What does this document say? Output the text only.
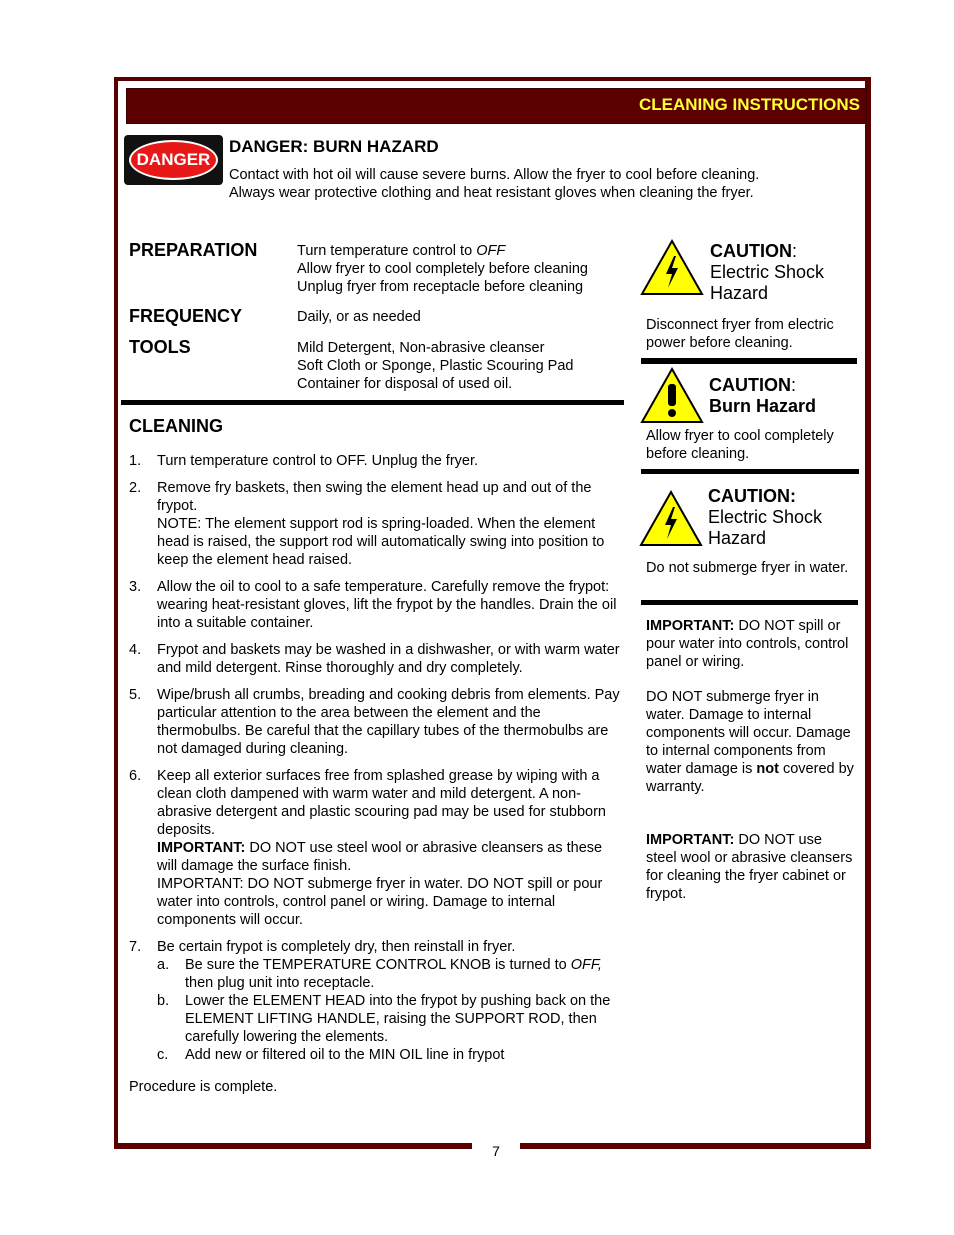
CLEANING INSTRUCTIONS
DANGER
DANGER: BURN HAZARD
Contact with hot oil will cause severe burns. Allow the fryer to cool before cleaning.
Always wear protective clothing and heat resistant gloves when cleaning the fryer.
PREPARATION	Turn temperature control to OFF
Allow fryer to cool completely before cleaning
Unplug fryer from receptacle before cleaning
FREQUENCY	Daily, or as needed
TOOLS	Mild Detergent, Non-abrasive cleanser
Soft Cloth or Sponge, Plastic Scouring Pad
Container for disposal of used oil.
CLEANING
1. Turn temperature control to OFF. Unplug the fryer.
2. Remove fry baskets, then swing the element head up and out of the frypot.
NOTE: The element support rod is spring-loaded. When the element head is raised, the support rod will automatically swing into position to keep the element head raised.
3. Allow the oil to cool to a safe temperature. Carefully remove the frypot: wearing heat-resistant gloves, lift the frypot by the handles. Drain the oil into a suitable container.
4. Frypot and baskets may be washed in a dishwasher, or with warm water and mild detergent. Rinse thoroughly and dry completely.
5. Wipe/brush all crumbs, breading and cooking debris from elements. Pay particular attention to the area between the element and the thermobulbs. Be careful that the capillary tubes of the thermobulbs are not damaged during cleaning.
6. Keep all exterior surfaces free from splashed grease by wiping with a clean cloth dampened with warm water and mild detergent. A non-abrasive detergent and plastic scouring pad may be used for stubborn deposits.
IMPORTANT: DO NOT use steel wool or abrasive cleansers as these will damage the surface finish.
IMPORTANT: DO NOT submerge fryer in water. DO NOT spill or pour water into controls, control panel or wiring. Damage to internal components will occur.
7. Be certain frypot is completely dry, then reinstall in fryer.
a. Be sure the TEMPERATURE CONTROL KNOB is turned to OFF, then plug unit into receptacle.
b. Lower the ELEMENT HEAD into the frypot by pushing back on the ELEMENT LIFTING HANDLE, raising the SUPPORT ROD, then carefully lowering the elements.
c. Add new or filtered oil to the MIN OIL line in frypot
Procedure is complete.
CAUTION:
Electric Shock
Hazard
Disconnect fryer from electric power before cleaning.
CAUTION:
Burn Hazard
Allow fryer to cool completely before cleaning.
CAUTION:
Electric Shock
Hazard
Do not submerge fryer in water.
IMPORTANT: DO NOT spill or pour water into controls, control panel or wiring.
DO NOT submerge fryer in water. Damage to internal components will occur. Damage to internal components from water damage is not covered by warranty.
IMPORTANT: DO NOT use steel wool or abrasive cleansers for cleaning the fryer cabinet or frypot.
7
